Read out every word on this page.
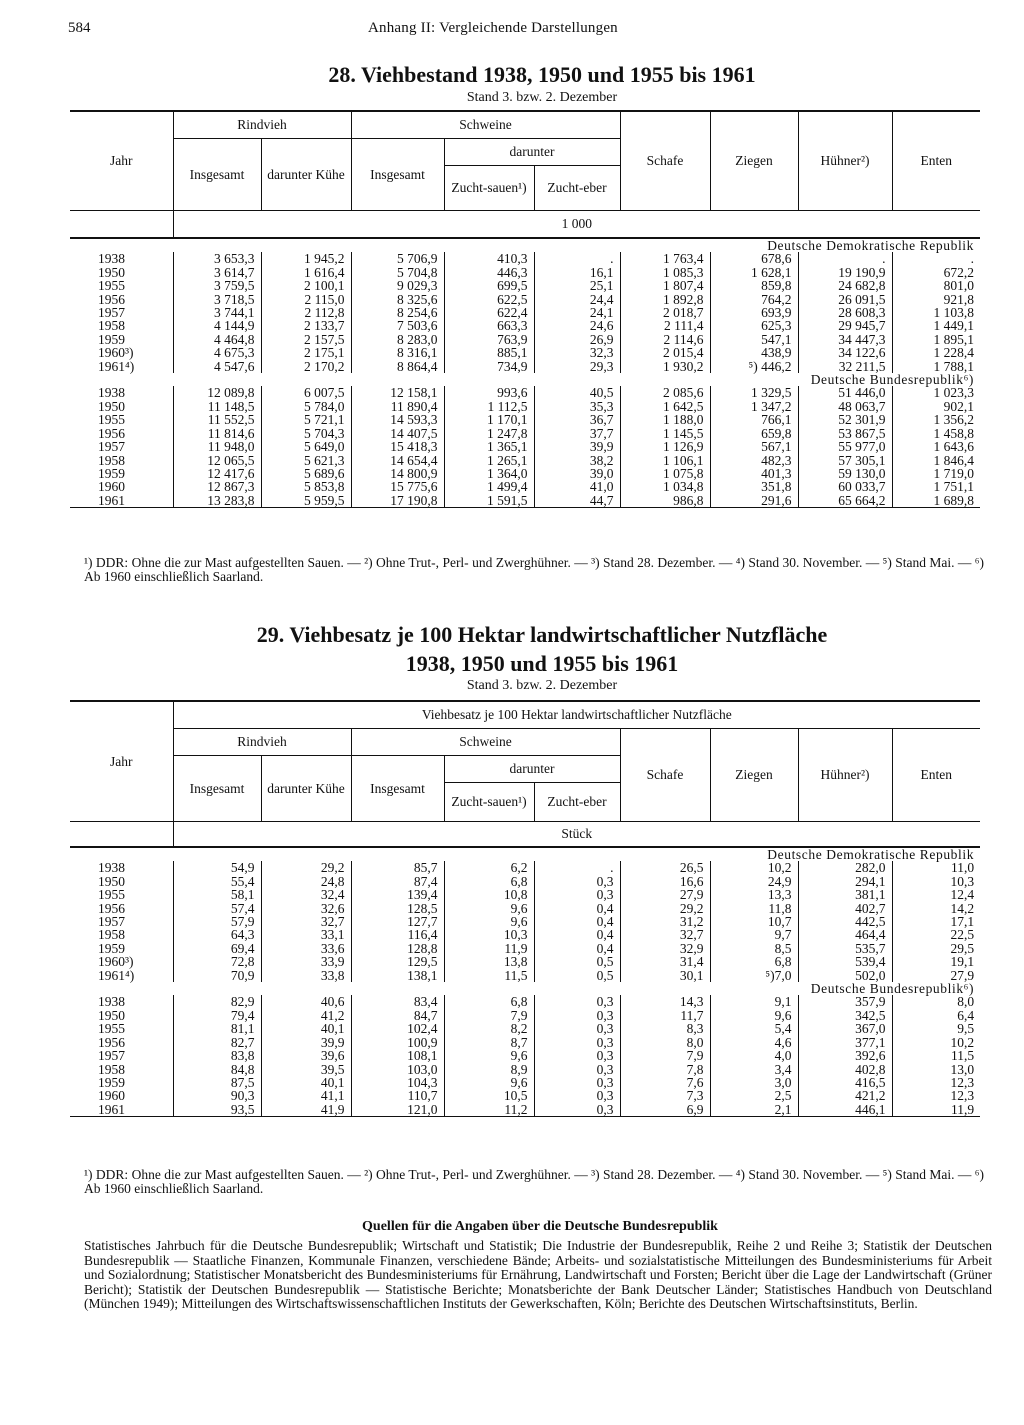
584	Anhang II: Vergleichende Darstellungen
28. Viehbestand 1938, 1950 und 1955 bis 1961
Stand 3. bzw. 2. Dezember
Jahr	Rindvieh		Schweine			Schafe	Ziegen	Hühner²)	Enten
	Insgesamt	darunter Kühe	Insgesamt	darunter					
				Zucht-sauen¹)	Zucht-eber				
	1 000								
Deutsche Demokratische Republik									
1938	3 653,3	1 945,2	5 706,9	410,3	.	1 763,4	678,6	.	.
1950	3 614,7	1 616,4	5 704,8	446,3	16,1	1 085,3	1 628,1	19 190,9	672,2
1955	3 759,5	2 100,1	9 029,3	699,5	25,1	1 807,4	859,8	24 682,8	801,0
1956	3 718,5	2 115,0	8 325,6	622,5	24,4	1 892,8	764,2	26 091,5	921,8
1957	3 744,1	2 112,8	8 254,6	622,4	24,1	2 018,7	693,9	28 608,3	1 103,8
1958	4 144,9	2 133,7	7 503,6	663,3	24,6	2 111,4	625,3	29 945,7	1 449,1
1959	4 464,8	2 157,5	8 283,0	763,9	26,9	2 114,6	547,1	34 447,3	1 895,1
1960³)	4 675,3	2 175,1	8 316,1	885,1	32,3	2 015,4	438,9	34 122,6	1 228,4
1961⁴)	4 547,6	2 170,2	8 864,4	734,9	29,3	1 930,2	⁵) 446,2	32 211,5	1 788,1
Deutsche Bundesrepublik⁶)									
1938	12 089,8	6 007,5	12 158,1	993,6	40,5	2 085,6	1 329,5	51 446,0	1 023,3
1950	11 148,5	5 784,0	11 890,4	1 112,5	35,3	1 642,5	1 347,2	48 063,7	902,1
1955	11 552,5	5 721,1	14 593,3	1 170,1	36,7	1 188,0	766,1	52 301,9	1 356,2
1956	11 814,6	5 704,3	14 407,5	1 247,8	37,7	1 145,5	659,8	53 867,5	1 458,8
1957	11 948,0	5 649,0	15 418,3	1 365,1	39,9	1 126,9	567,1	55 977,0	1 643,6
1958	12 065,5	5 621,3	14 654,4	1 265,1	38,2	1 106,1	482,3	57 305,1	1 846,4
1959	12 417,6	5 689,6	14 800,9	1 364,0	39,0	1 075,8	401,3	59 130,0	1 719,0
1960	12 867,3	5 853,8	15 775,6	1 499,4	41,0	1 034,8	351,8	60 033,7	1 751,1
1961	13 283,8	5 959,5	17 190,8	1 591,5	44,7	986,8	291,6	65 664,2	1 689,8

¹) DDR: Ohne die zur Mast aufgestellten Sauen. — ²) Ohne Trut-, Perl- und Zwerghühner. — ³) Stand 28. Dezember. — ⁴) Stand 30. November. — ⁵) Stand Mai. — ⁶) Ab 1960 einschließlich Saarland.
29. Viehbesatz je 100 Hektar landwirtschaftlicher Nutzfläche
1938, 1950 und 1955 bis 1961
Stand 3. bzw. 2. Dezember
Jahr	Viehbesatz je 100 Hektar landwirtschaftlicher Nutzfläche								
	Rindvieh		Schweine			Schafe	Ziegen	Hühner²)	Enten
	Insgesamt	darunter Kühe	Insgesamt	darunter					
				Zucht-sauen¹)	Zucht-eber				
	Stück								
Deutsche Demokratische Republik									
1938	54,9	29,2	85,7	6,2	.	26,5	10,2	282,0	11,0
1950	55,4	24,8	87,4	6,8	0,3	16,6	24,9	294,1	10,3
1955	58,1	32,4	139,4	10,8	0,3	27,9	13,3	381,1	12,4
1956	57,4	32,6	128,5	9,6	0,4	29,2	11,8	402,7	14,2
1957	57,9	32,7	127,7	9,6	0,4	31,2	10,7	442,5	17,1
1958	64,3	33,1	116,4	10,3	0,4	32,7	9,7	464,4	22,5
1959	69,4	33,6	128,8	11,9	0,4	32,9	8,5	535,7	29,5
1960³)	72,8	33,9	129,5	13,8	0,5	31,4	6,8	539,4	19,1
1961⁴)	70,9	33,8	138,1	11,5	0,5	30,1	⁵)7,0	502,0	27,9
Deutsche Bundesrepublik⁶)									
1938	82,9	40,6	83,4	6,8	0,3	14,3	9,1	357,9	8,0
1950	79,4	41,2	84,7	7,9	0,3	11,7	9,6	342,5	6,4
1955	81,1	40,1	102,4	8,2	0,3	8,3	5,4	367,0	9,5
1956	82,7	39,9	100,9	8,7	0,3	8,0	4,6	377,1	10,2
1957	83,8	39,6	108,1	9,6	0,3	7,9	4,0	392,6	11,5
1958	84,8	39,5	103,0	8,9	0,3	7,8	3,4	402,8	13,0
1959	87,5	40,1	104,3	9,6	0,3	7,6	3,0	416,5	12,3
1960	90,3	41,1	110,7	10,5	0,3	7,3	2,5	421,2	12,3
1961	93,5	41,9	121,0	11,2	0,3	6,9	2,1	446,1	11,9

¹) DDR: Ohne die zur Mast aufgestellten Sauen. — ²) Ohne Trut-, Perl- und Zwerghühner. — ³) Stand 28. Dezember. — ⁴) Stand 30. November. — ⁵) Stand Mai. — ⁶) Ab 1960 einschließlich Saarland.
Quellen für die Angaben über die Deutsche Bundesrepublik
Statistisches Jahrbuch für die Deutsche Bundesrepublik; Wirtschaft und Statistik; Die Industrie der Bundesrepublik, Reihe 2 und Reihe 3; Statistik der Deutschen Bundesrepublik — Staatliche Finanzen, Kommunale Finanzen, verschiedene Bände; Arbeits- und sozialstatistische Mitteilungen des Bundesministeriums für Arbeit und Sozialordnung; Statistischer Monatsbericht des Bundesministeriums für Ernährung, Landwirtschaft und Forsten; Bericht über die Lage der Landwirtschaft (Grüner Bericht); Statistik der Deutschen Bundesrepublik — Statistische Berichte; Monatsberichte der Bank Deutscher Länder; Statistisches Handbuch von Deutschland (München 1949); Mitteilungen des Wirtschaftswissenschaftlichen Instituts der Gewerkschaften, Köln; Berichte des Deutschen Wirtschaftsinstituts, Berlin.
